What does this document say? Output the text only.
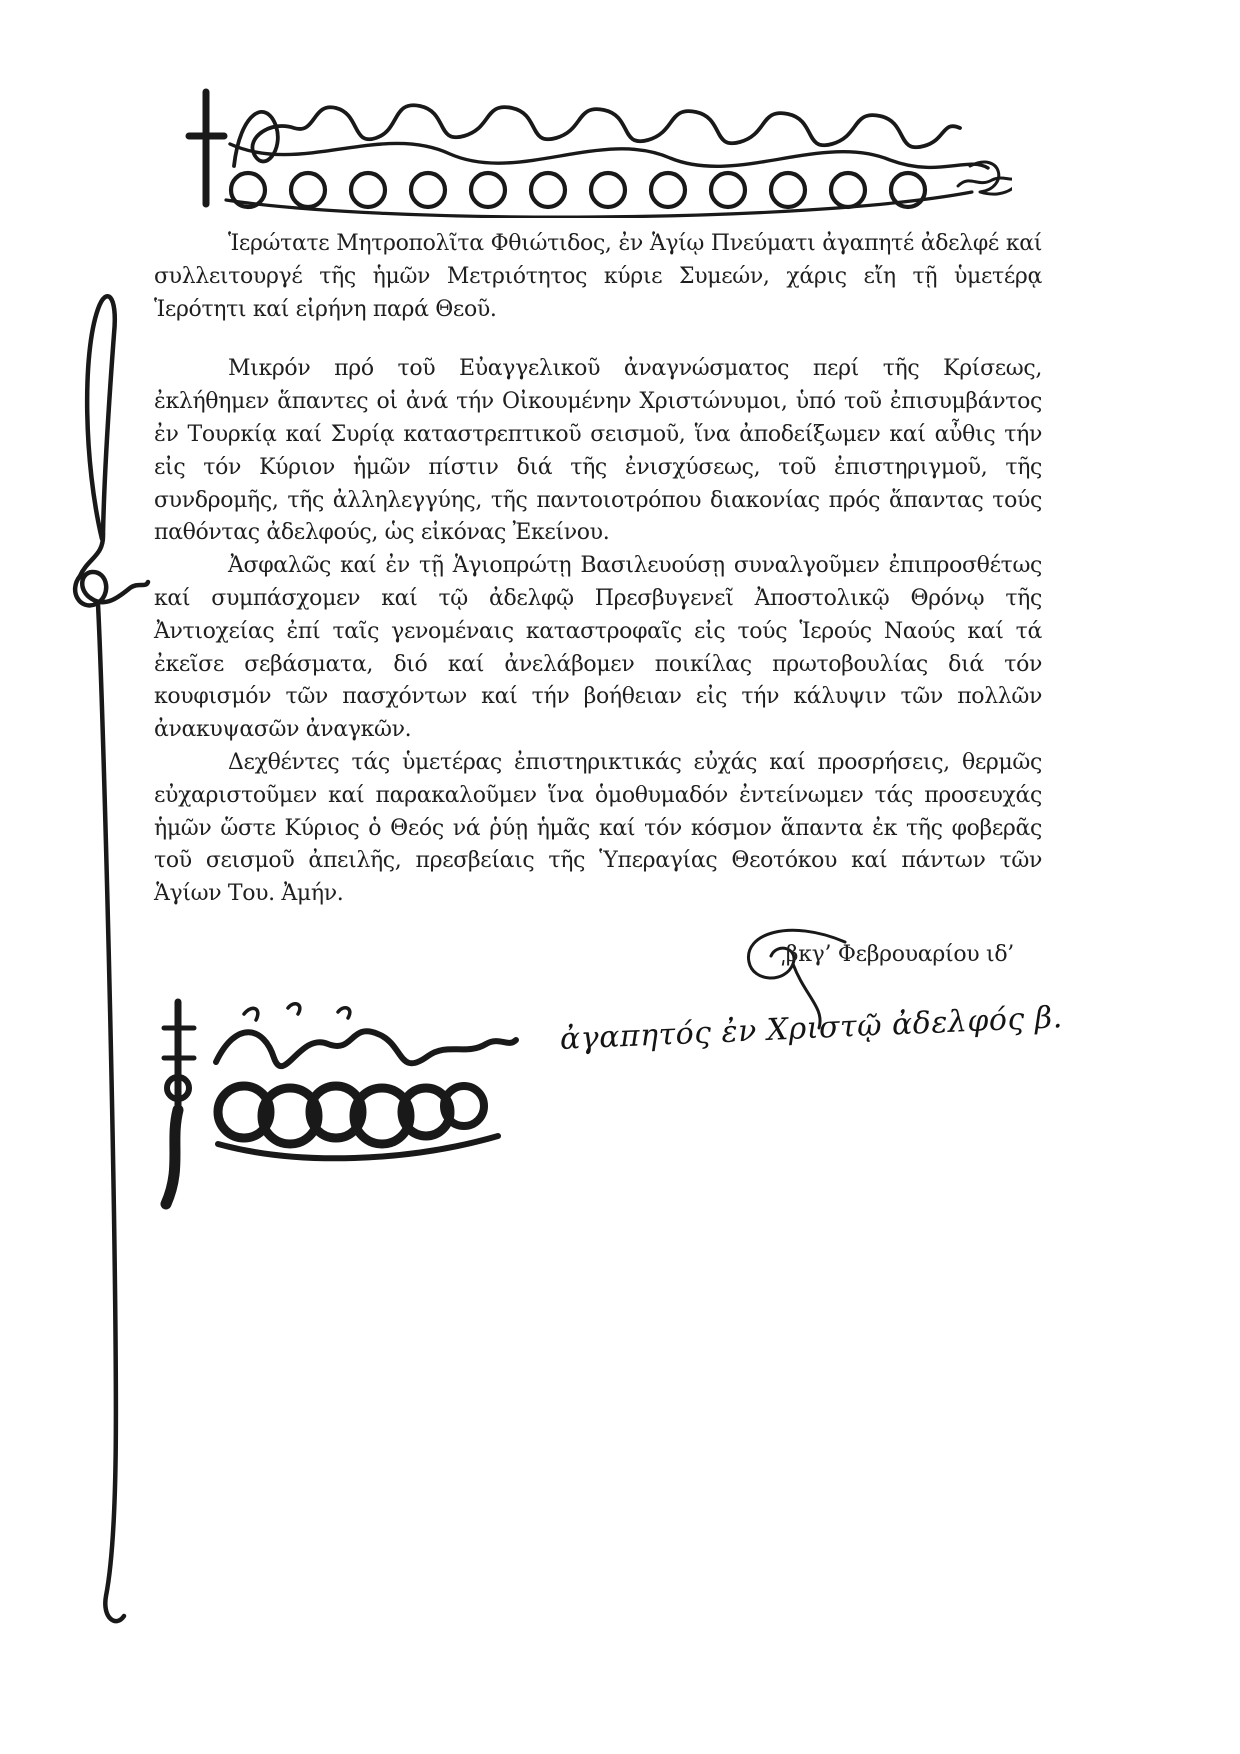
Ἱερώτατε Μητροπολῖτα Φθιώτιδος, ἐν Ἁγίῳ Πνεύματι ἀγαπητέ ἀδελφέ καί συλλειτουργέ τῆς ἡμῶν Μετριότητος κύριε Συμεών, χάρις εἴη τῇ ὑμετέρᾳ Ἱερότητι καί εἰρήνη παρά Θεοῦ.

Μικρόν πρό τοῦ Εὐαγγελικοῦ ἀναγνώσματος περί τῆς Κρίσεως, ἐκλήθημεν ἅπαντες οἱ ἀνά τήν Οἰκουμένην Χριστώνυμοι, ὑπό τοῦ ἐπισυμβάντος ἐν Τουρκίᾳ καί Συρίᾳ καταστρεπτικοῦ σεισμοῦ, ἵνα ἀποδείξωμεν καί αὖθις τήν εἰς τόν Κύριον ἡμῶν πίστιν διά τῆς ἐνισχύσεως, τοῦ ἐπιστηριγμοῦ, τῆς συνδρομῆς, τῆς ἀλληλεγγύης, τῆς παντοιοτρόπου διακονίας πρός ἅπαντας τούς παθόντας ἀδελφούς, ὡς εἰκόνας Ἐκείνου.

Ἀσφαλῶς καί ἐν τῇ Ἁγιοπρώτῃ Βασιλευούσῃ συναλγοῦμεν ἐπιπροσθέτως καί συμπάσχομεν καί τῷ ἀδελφῷ Πρεσβυγενεῖ Ἀποστολικῷ Θρόνῳ τῆς Ἀντιοχείας ἐπί ταῖς γενομέναις καταστροφαῖς εἰς τούς Ἱερούς Ναούς καί τά ἐκεῖσε σεβάσματα, διό καί ἀνελάβομεν ποικίλας πρωτοβουλίας διά τόν κουφισμόν τῶν πασχόντων καί τήν βοήθειαν εἰς τήν κάλυψιν τῶν πολλῶν ἀνακυψασῶν ἀναγκῶν.

Δεχθέντες τάς ὑμετέρας ἐπιστηρικτικάς εὐχάς καί προσρήσεις, θερμῶς εὐχαριστοῦμεν καί παρακαλοῦμεν ἵνα ὁμοθυμαδόν ἐντείνωμεν τάς προσευχάς ἡμῶν ὥστε Κύριος ὁ Θεός νά ῥύῃ ἡμᾶς καί τόν κόσμον ἅπαντα ἐκ τῆς φοβερᾶς τοῦ σεισμοῦ ἀπειλῆς, πρεσβείαις τῆς Ὑπεραγίας Θεοτόκου καί πάντων τῶν Ἁγίων Του. Ἀμήν.

͵βκγ’ Φεβρουαρίου ιδ’
ἀγαπητός ἐν Χριστῷ ἀδελφός β.
